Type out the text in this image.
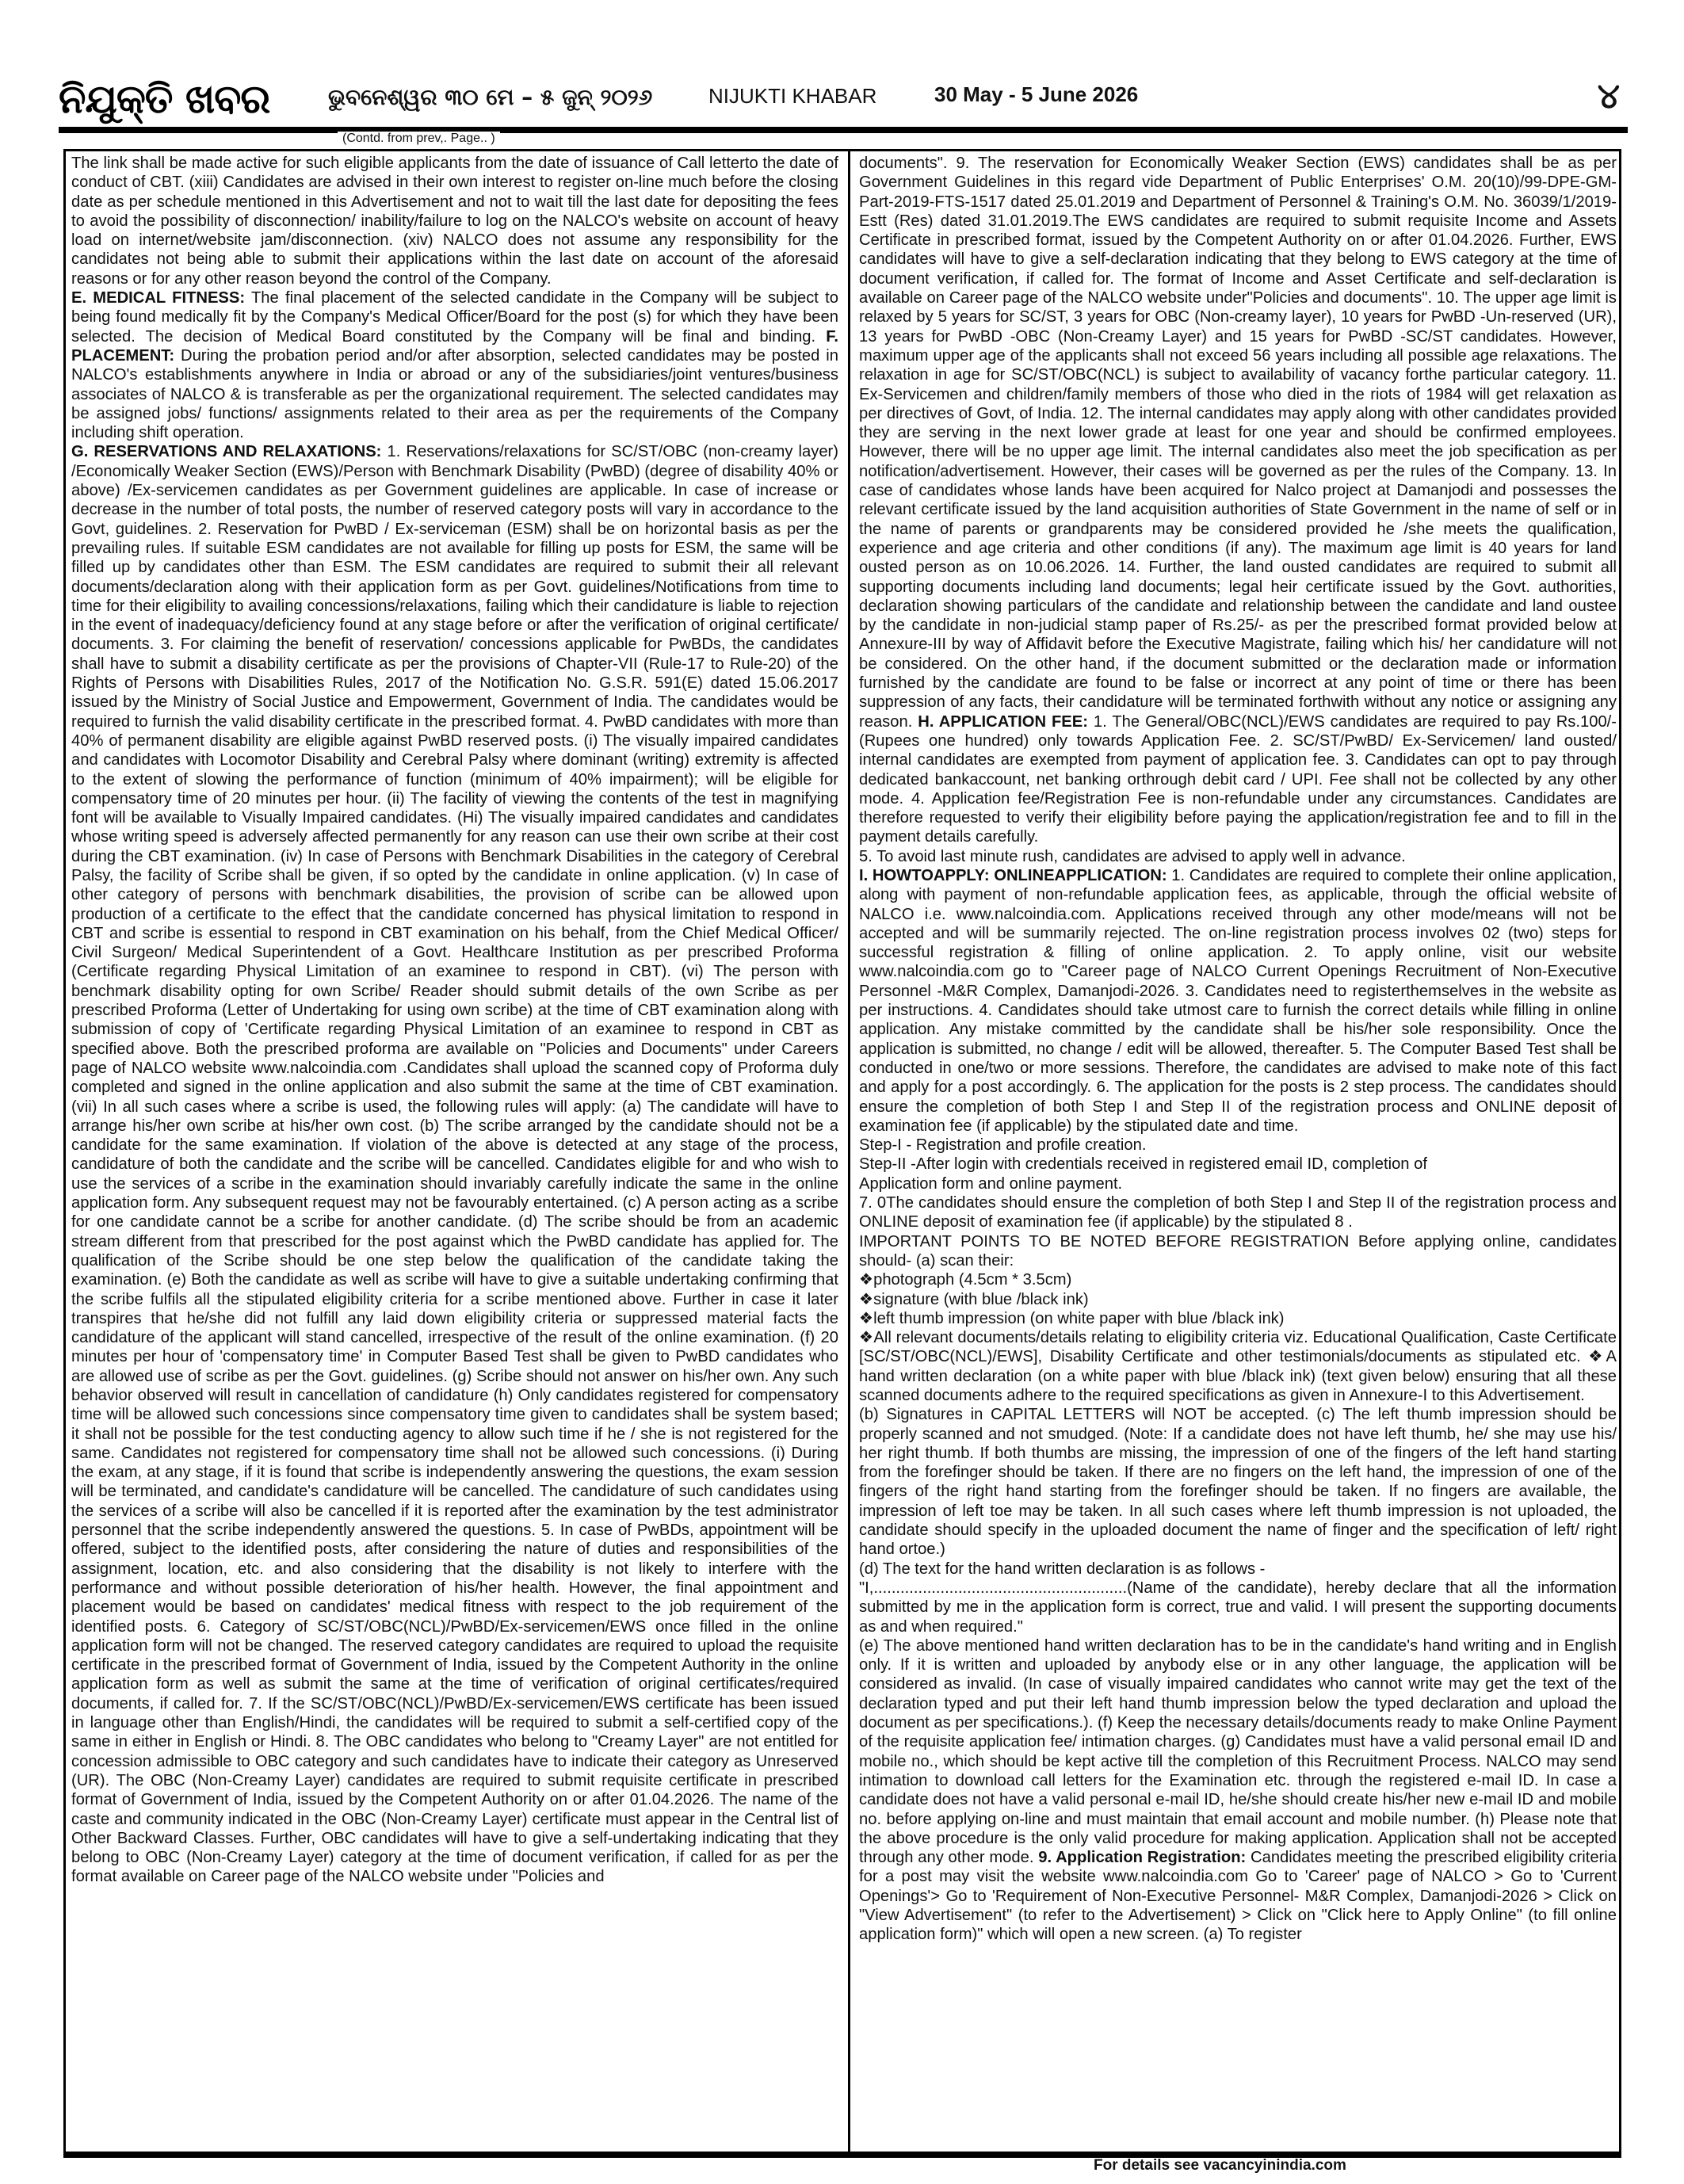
ନିଯୁକ୍ତି ଖବର	ଭୁବନେଶ୍ୱର ୩୦ ମେ – ୫ ଜୁନ୍ ୨୦୨୬	NIJUKTI KHABAR	30 May - 5 June 2026	୪
(Contd. from prev,. Page.. )

The link shall be made active for such eligible applicants from the date of issuance of Call letterto the date of conduct of CBT. (xiii) Candidates are advised in their own interest to register on-line much before the closing date as per schedule mentioned in this Advertisement and not to wait till the last date for depositing the fees to avoid the possibility of disconnection/ inability/failure to log on the NALCO's website on account of heavy load on internet/website jam/disconnection. (xiv) NALCO does not assume any responsibility for the candidates not being able to submit their applications within the last date on account of the aforesaid reasons or for any other reason beyond the control of the Company.

E. MEDICAL FITNESS: The final placement of the selected candidate in the Company will be subject to being found medically fit by the Company's Medical Officer/Board for the post (s) for which they have been selected. The decision of Medical Board constituted by the Company will be final and binding. F. PLACEMENT: During the probation period and/or after absorption, selected candidates may be posted in NALCO's establishments anywhere in India or abroad or any of the subsidiaries/joint ventures/business associates of NALCO & is transferable as per the organizational requirement. The selected candidates may be assigned jobs/ functions/ assignments related to their area as per the requirements of the Company including shift operation.

G. RESERVATIONS AND RELAXATIONS: 1. Reservations/relaxations for SC/ST/OBC (non-creamy layer) /Economically Weaker Section (EWS)/Person with Benchmark Disability (PwBD) (degree of disability 40% or above) /Ex-servicemen candidates as per Government guidelines are applicable. In case of increase or decrease in the number of total posts, the number of reserved category posts will vary in accordance to the Govt, guidelines. 2. Reservation for PwBD / Ex-serviceman (ESM) shall be on horizontal basis as per the prevailing rules. If suitable ESM candidates are not available for filling up posts for ESM, the same will be filled up by candidates other than ESM. The ESM candidates are required to submit their all relevant documents/declaration along with their application form as per Govt. guidelines/Notifications from time to time for their eligibility to availing concessions/relaxations, failing which their candidature is liable to rejection in the event of inadequacy/deficiency found at any stage before or after the verification of original certificate/ documents. 3. For claiming the benefit of reservation/ concessions applicable for PwBDs, the candidates shall have to submit a disability certificate as per the provisions of Chapter-VII (Rule-17 to Rule-20) of the Rights of Persons with Disabilities Rules, 2017 of the Notification No. G.S.R. 591(E) dated 15.06.2017 issued by the Ministry of Social Justice and Empowerment, Government of India. The candidates would be required to furnish the valid disability certificate in the prescribed format. 4. PwBD candidates with more than 40% of permanent disability are eligible against PwBD reserved posts. (i) The visually impaired candidates and candidates with Locomotor Disability and Cerebral Palsy where dominant (writing) extremity is affected to the extent of slowing the performance of function (minimum of 40% impairment); will be eligible for compensatory time of 20 minutes per hour. (ii) The facility of viewing the contents of the test in magnifying font will be available to Visually Impaired candidates. (Hi) The visually impaired candidates and candidates whose writing speed is adversely affected permanently for any reason can use their own scribe at their cost during the CBT examination. (iv) In case of Persons with Benchmark Disabilities in the category of Cerebral Palsy, the facility of Scribe shall be given, if so opted by the candidate in online application. (v) In case of other category of persons with benchmark disabilities, the provision of scribe can be allowed upon production of a certificate to the effect that the candidate concerned has physical limitation to respond in CBT and scribe is essential to respond in CBT examination on his behalf, from the Chief Medical Officer/ Civil Surgeon/ Medical Superintendent of a Govt. Healthcare Institution as per prescribed Proforma (Certificate regarding Physical Limitation of an examinee to respond in CBT). (vi) The person with benchmark disability opting for own Scribe/ Reader should submit details of the own Scribe as per prescribed Proforma (Letter of Undertaking for using own scribe) at the time of CBT examination along with submission of copy of 'Certificate regarding Physical Limitation of an examinee to respond in CBT as specified above. Both the prescribed proforma are available on "Policies and Documents" under Careers page of NALCO website www.nalcoindia.com .Candidates shall upload the scanned copy of Proforma duly completed and signed in the online application and also submit the same at the time of CBT examination. (vii) In all such cases where a scribe is used, the following rules will apply: (a) The candidate will have to arrange his/her own scribe at his/her own cost. (b) The scribe arranged by the candidate should not be a candidate for the same examination. If violation of the above is detected at any stage of the process, candidature of both the candidate and the scribe will be cancelled. Candidates eligible for and who wish to use the services of a scribe in the examination should invariably carefully indicate the same in the online application form. Any subsequent request may not be favourably entertained. (c) A person acting as a scribe for one candidate cannot be a scribe for another candidate. (d) The scribe should be from an academic stream different from that prescribed for the post against which the PwBD candidate has applied for. The qualification of the Scribe should be one step below the qualification of the candidate taking the examination. (e) Both the candidate as well as scribe will have to give a suitable undertaking confirming that the scribe fulfils all the stipulated eligibility criteria for a scribe mentioned above. Further in case it later transpires that he/she did not fulfill any laid down eligibility criteria or suppressed material facts the candidature of the applicant will stand cancelled, irrespective of the result of the online examination. (f) 20 minutes per hour of 'compensatory time' in Computer Based Test shall be given to PwBD candidates who are allowed use of scribe as per the Govt. guidelines. (g) Scribe should not answer on his/her own. Any such behavior observed will result in cancellation of candidature (h) Only candidates registered for compensatory time will be allowed such concessions since compensatory time given to candidates shall be system based; it shall not be possible for the test conducting agency to allow such time if he / she is not registered for the same. Candidates not registered for compensatory time shall not be allowed such concessions. (i) During the exam, at any stage, if it is found that scribe is independently answering the questions, the exam session will be terminated, and candidate's candidature will be cancelled. The candidature of such candidates using the services of a scribe will also be cancelled if it is reported after the examination by the test administrator personnel that the scribe independently answered the questions. 5. In case of PwBDs, appointment will be offered, subject to the identified posts, after considering the nature of duties and responsibilities of the assignment, location, etc. and also considering that the disability is not likely to interfere with the performance and without possible deterioration of his/her health. However, the final appointment and placement would be based on candidates' medical fitness with respect to the job requirement of the identified posts. 6. Category of SC/ST/OBC(NCL)/PwBD/Ex-servicemen/EWS once filled in the online application form will not be changed. The reserved category candidates are required to upload the requisite certificate in the prescribed format of Government of India, issued by the Competent Authority in the online application form as well as submit the same at the time of verification of original certificates/required documents, if called for. 7. If the SC/ST/OBC(NCL)/PwBD/Ex-servicemen/EWS certificate has been issued in language other than English/Hindi, the candidates will be required to submit a self-certified copy of the same in either in English or Hindi. 8. The OBC candidates who belong to "Creamy Layer" are not entitled for concession admissible to OBC category and such candidates have to indicate their category as Unreserved (UR). The OBC (Non-Creamy Layer) candidates are required to submit requisite certificate in prescribed format of Government of India, issued by the Competent Authority on or after 01.04.2026. The name of the caste and community indicated in the OBC (Non-Creamy Layer) certificate must appear in the Central list of Other Backward Classes. Further, OBC candidates will have to give a self-undertaking indicating that they belong to OBC (Non-Creamy Layer) category at the time of document verification, if called for as per the format available on Career page of the NALCO website under "Policies and

documents". 9. The reservation for Economically Weaker Section (EWS) candidates shall be as per Government Guidelines in this regard vide Department of Public Enterprises' O.M. 20(10)/99-DPE-GM-Part-2019-FTS-1517 dated 25.01.2019 and Department of Personnel & Training's O.M. No. 36039/1/2019-Estt (Res) dated 31.01.2019.The EWS candidates are required to submit requisite Income and Assets Certificate in prescribed format, issued by the Competent Authority on or after 01.04.2026. Further, EWS candidates will have to give a self-declaration indicating that they belong to EWS category at the time of document verification, if called for. The format of Income and Asset Certificate and self-declaration is available on Career page of the NALCO website under"Policies and documents". 10. The upper age limit is relaxed by 5 years for SC/ST, 3 years for OBC (Non-creamy layer), 10 years for PwBD -Un-reserved (UR), 13 years for PwBD -OBC (Non-Creamy Layer) and 15 years for PwBD -SC/ST candidates. However, maximum upper age of the applicants shall not exceed 56 years including all possible age relaxations. The relaxation in age for SC/ST/OBC(NCL) is subject to availability of vacancy forthe particular category. 11. Ex-Servicemen and children/family members of those who died in the riots of 1984 will get relaxation as per directives of Govt, of India. 12. The internal candidates may apply along with other candidates provided they are serving in the next lower grade at least for one year and should be confirmed employees. However, there will be no upper age limit. The internal candidates also meet the job specification as per notification/advertisement. However, their cases will be governed as per the rules of the Company. 13. In case of candidates whose lands have been acquired for Nalco project at Damanjodi and possesses the relevant certificate issued by the land acquisition authorities of State Government in the name of self or in the name of parents or grandparents may be considered provided he /she meets the qualification, experience and age criteria and other conditions (if any). The maximum age limit is 40 years for land ousted person as on 10.06.2026. 14. Further, the land ousted candidates are required to submit all supporting documents including land documents; legal heir certificate issued by the Govt. authorities, declaration showing particulars of the candidate and relationship between the candidate and land oustee by the candidate in non-judicial stamp paper of Rs.25/- as per the prescribed format provided below at Annexure-III by way of Affidavit before the Executive Magistrate, failing which his/ her candidature will not be considered. On the other hand, if the document submitted or the declaration made or information furnished by the candidate are found to be false or incorrect at any point of time or there has been suppression of any facts, their candidature will be terminated forthwith without any notice or assigning any reason. H. APPLICATION FEE: 1. The General/OBC(NCL)/EWS candidates are required to pay Rs.100/- (Rupees one hundred) only towards Application Fee. 2. SC/ST/PwBD/ Ex-Servicemen/ land ousted/ internal candidates are exempted from payment of application fee. 3. Candidates can opt to pay through dedicated bankaccount, net banking orthrough debit card / UPI. Fee shall not be collected by any other mode. 4. Application fee/Registration Fee is non-refundable under any circumstances. Candidates are therefore requested to verify their eligibility before paying the application/registration fee and to fill in the payment details carefully.

5. To avoid last minute rush, candidates are advised to apply well in advance.

I. HOWTOAPPLY: ONLINEAPPLICATION: 1. Candidates are required to complete their online application, along with payment of non-refundable application fees, as applicable, through the official website of NALCO i.e. www.nalcoindia.com. Applications received through any other mode/means will not be accepted and will be summarily rejected. The on-line registration process involves 02 (two) steps for successful registration & filling of online application. 2. To apply online, visit our website www.nalcoindia.com go to "Career page of NALCO Current Openings Recruitment of Non-Executive Personnel -M&R Complex, Damanjodi-2026. 3. Candidates need to registerthemselves in the website as per instructions. 4. Candidates should take utmost care to furnish the correct details while filling in online application. Any mistake committed by the candidate shall be his/her sole responsibility. Once the application is submitted, no change / edit will be allowed, thereafter. 5. The Computer Based Test shall be conducted in one/two or more sessions. Therefore, the candidates are advised to make note of this fact and apply for a post accordingly. 6. The application for the posts is 2 step process. The candidates should ensure the completion of both Step I and Step II of the registration process and ONLINE deposit of examination fee (if applicable) by the stipulated date and time.

Step-I - Registration and profile creation.

Step-II -After login with credentials received in registered email ID, completion of

Application form and online payment.

7. 0The candidates should ensure the completion of both Step I and Step II of the registration process and ONLINE deposit of examination fee (if applicable) by the stipulated 8 .

IMPORTANT POINTS TO BE NOTED BEFORE REGISTRATION Before applying online, candidates should- (a) scan their:

❖photograph (4.5cm * 3.5cm)

❖signature (with blue /black ink)

❖left thumb impression (on white paper with blue /black ink)

❖All relevant documents/details relating to eligibility criteria viz. Educational Qualification, Caste Certificate [SC/ST/OBC(NCL)/EWS], Disability Certificate and other testimonials/documents as stipulated etc. ❖A hand written declaration (on a white paper with blue /black ink) (text given below) ensuring that all these scanned documents adhere to the required specifications as given in Annexure-I to this Advertisement.

(b) Signatures in CAPITAL LETTERS will NOT be accepted. (c) The left thumb impression should be properly scanned and not smudged. (Note: If a candidate does not have left thumb, he/ she may use his/ her right thumb. If both thumbs are missing, the impression of one of the fingers of the left hand starting from the forefinger should be taken. If there are no fingers on the left hand, the impression of one of the fingers of the right hand starting from the forefinger should be taken. If no fingers are available, the impression of left toe may be taken. In all such cases where left thumb impression is not uploaded, the candidate should specify in the uploaded document the name of finger and the specification of left/ right hand ortoe.)

(d) The text for the hand written declaration is as follows -

"I,.........................................................(Name of the candidate), hereby declare that all the information submitted by me in the application form is correct, true and valid. I will present the supporting documents as and when required."

(e) The above mentioned hand written declaration has to be in the candidate's hand writing and in English only. If it is written and uploaded by anybody else or in any other language, the application will be considered as invalid. (In case of visually impaired candidates who cannot write may get the text of the declaration typed and put their left hand thumb impression below the typed declaration and upload the document as per specifications.). (f) Keep the necessary details/documents ready to make Online Payment of the requisite application fee/ intimation charges. (g) Candidates must have a valid personal email ID and mobile no., which should be kept active till the completion of this Recruitment Process. NALCO may send intimation to download call letters for the Examination etc. through the registered e-mail ID. In case a candidate does not have a valid personal e-mail ID, he/she should create his/her new e-mail ID and mobile no. before applying on-line and must maintain that email account and mobile number. (h) Please note that the above procedure is the only valid procedure for making application. Application shall not be accepted through any other mode. 9. Application Registration: Candidates meeting the prescribed eligibility criteria for a post may visit the website www.nalcoindia.com Go to 'Career' page of NALCO > Go to 'Current Openings'> Go to 'Requirement of Non-Executive Personnel- M&R Complex, Damanjodi-2026 > Click on "View Advertisement" (to refer to the Advertisement) > Click on "Click here to Apply Online" (to fill online application form)" which will open a new screen. (a) To register

For details see vacancyinindia.com
